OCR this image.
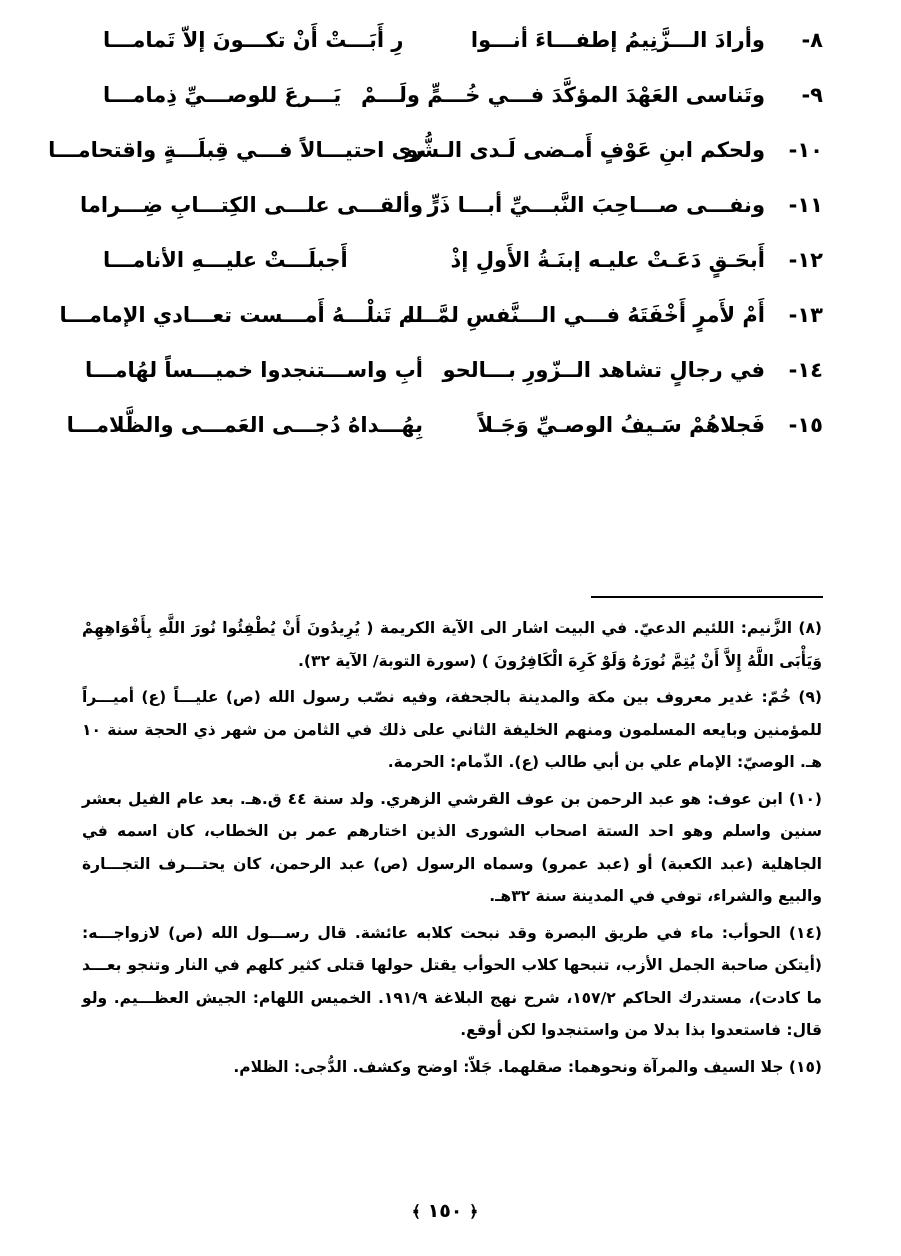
٨-
وأرادَ الـــزَّنِيمُ إطفـــاءَ أنـــوا
رِ أَبَـــتْ أَنْ تكـــونَ إلاّ تَمامـــا
٩-
وتَناسى العَهْدَ المؤكَّدَ فـــي خُـــمٍّ ولَـــمْ
يَـــرعَ للوصـــيِّ ذِمامـــا
١٠-
ولحكم ابنِ عَوْفٍ أَمـضى لَـدى الـشُّو
رى احتيـــالاً فـــي قِبلَـــةٍ واقتحامـــا
١١-
ونفـــى صـــاحِبَ النَّبـــيِّ أبـــا ذَرٍّ
وألقـــى علـــى الكِتـــابِ ضِـــراما
١٢-
أَبحَـقٍ دَعَـتْ عليـه إبنَـةُ الأَولِ إذْ
أَجبلَـــتْ عليـــهِ الأنامـــا
١٣-
أَمْ لأَمرٍ أَخْفَتَهُ فـــي الـــنَّفسِ لمَّـــا
لم تَنلْـــهُ أَمـــست تعـــادي الإمامـــا
١٤-
في رجالٍ تشاهد الــزّورِ بـــالحو
أبِ واســـتنجدوا خميـــساً لهُامـــا
١٥-
فَجلاهُمْ سَـيفُ الوصـيِّ وَجَـلاً
بِهُـــداهُ دُجـــى العَمـــى والظَّلامـــا

(٨) الزَّنيم: اللئيم الدعيّ. في البيت اشار الى الآية الكريمة ( يُرِيدُونَ أَنْ يُطْفِئُوا نُورَ اللَّهِ بِأَفْوَاهِهِمْ وَيَأْبَى اللَّهُ إِلاَّ أَنْ يُتِمَّ نُورَهُ وَلَوْ كَرِهَ الْكَافِرُونَ ) (سورة التوبة/ الآية ٣٢).

(٩) خُمّ: غدير معروف بين مكة والمدينة بالجحفة، وفيه نصّب رسول الله (ص) عليـــاً (ع) أميـــراً للمؤمنين وبايعه المسلمون ومنهم الخليفة الثاني على ذلك في الثامن من شهر ذي الحجة سنة ١٠ هـ. الوصيّ: الإمام علي بن أبي طالب (ع). الذّمام: الحرمة.

(١٠) ابن عوف: هو عبد الرحمن بن عوف القرشي الزهري. ولد سنة ٤٤ ق.هـ. بعد عام الفيل بعشر سنين واسلم وهو احد الستة اصحاب الشورى الذين اختارهم عمر بن الخطاب، كان اسمه في الجاهلية (عبد الكعبة) أو (عبد عمرو) وسماه الرسول (ص) عبد الرحمن، كان يحتـــرف التجـــارة والبيع والشراء، توفي في المدينة سنة ٣٢هـ.

(١٤) الحوأب: ماء في طريق البصرة وقد نبحت كلابه عائشة. قال رســـول الله (ص) لازواجـــه: (أيتكن صاحبة الجمل الأزب، تنبحها كلاب الحوأب يقتل حولها قتلى كثير كلهم في النار وتنجو بعـــد ما كادت)، مستدرك الحاكم ١٥٧/٢، شرح نهج البلاغة ١٩١/٩. الخميس اللهام: الجيش العظـــيم. ولو قال: فاستعدوا بذا بدلا من واستنجدوا لكن أوقع.

(١٥) جلا السيف والمرآة ونحوهما: صقلهما. جَلاّ: اوضح وكشف. الدُّجى: الظلام.

﴿ ١٥٠ ﴾
